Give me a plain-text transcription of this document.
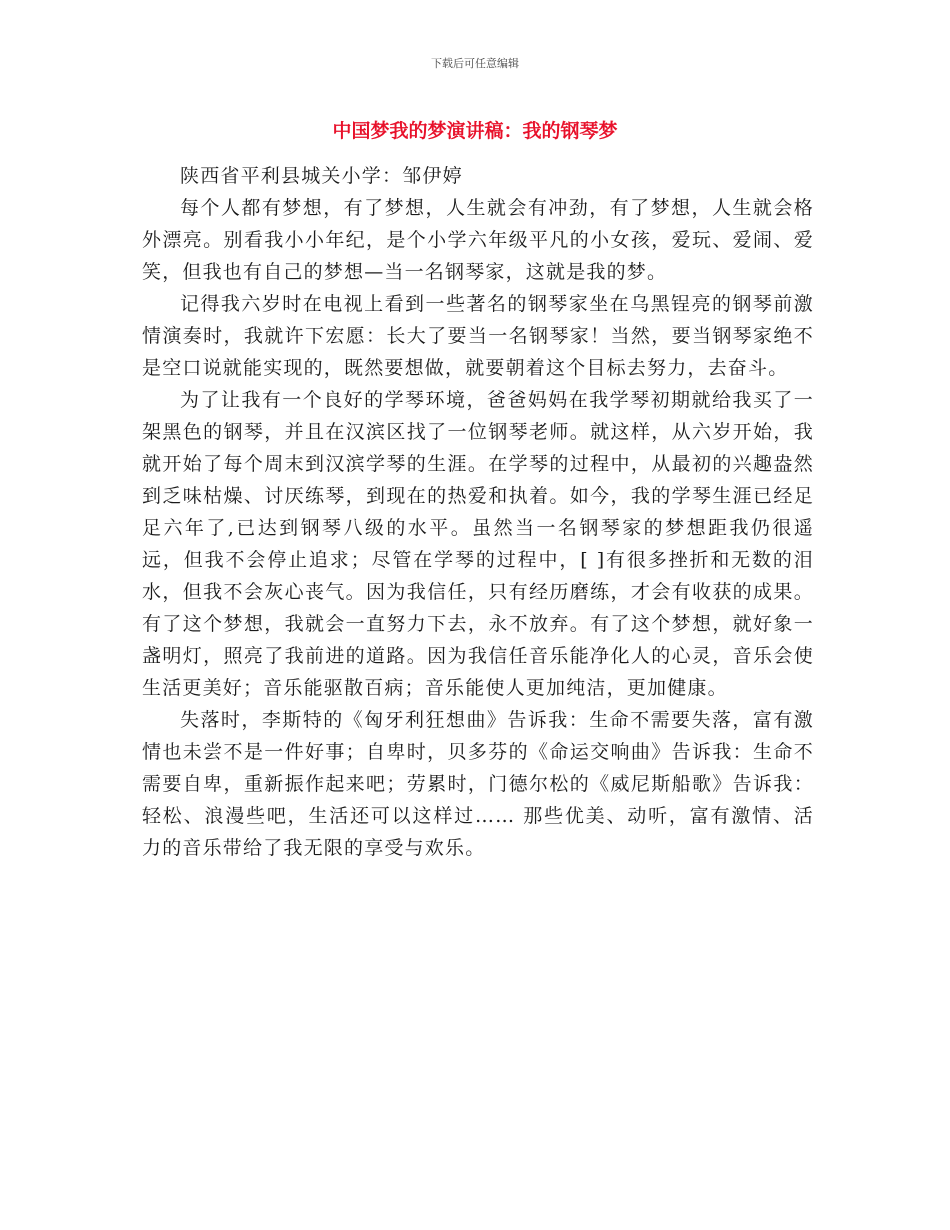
下载后可任意编辑
中国梦我的梦演讲稿：我的钢琴梦

陕西省平利县城关小学：邹伊婷

每个人都有梦想，有了梦想，人生就会有冲劲，有了梦想，人生就会格外漂亮。别看我小小年纪，是个小学六年级平凡的小女孩，爱玩、爱闹、爱笑，但我也有自己的梦想—当一名钢琴家，这就是我的梦。

记得我六岁时在电视上看到一些著名的钢琴家坐在乌黑锃亮的钢琴前激情演奏时，我就许下宏愿：长大了要当一名钢琴家！当然，要当钢琴家绝不是空口说就能实现的，既然要想做，就要朝着这个目标去努力，去奋斗。

为了让我有一个良好的学琴环境，爸爸妈妈在我学琴初期就给我买了一架黑色的钢琴，并且在汉滨区找了一位钢琴老师。就这样，从六岁开始，我就开始了每个周末到汉滨学琴的生涯。在学琴的过程中，从最初的兴趣盎然到乏味枯燥、讨厌练琴，到现在的热爱和执着。如今，我的学琴生涯已经足足六年了,已达到钢琴八级的水平。虽然当一名钢琴家的梦想距我仍很遥远，但我不会停止追求；尽管在学琴的过程中，[ ]有很多挫折和无数的泪水，但我不会灰心丧气。因为我信任，只有经历磨练，才会有收获的成果。有了这个梦想，我就会一直努力下去，永不放弃。有了这个梦想，就好象一盏明灯，照亮了我前进的道路。因为我信任音乐能净化人的心灵，音乐会使生活更美好；音乐能驱散百病；音乐能使人更加纯洁，更加健康。

失落时，李斯特的《匈牙利狂想曲》告诉我：生命不需要失落，富有激情也未尝不是一件好事；自卑时，贝多芬的《命运交响曲》告诉我：生命不需要自卑，重新振作起来吧；劳累时，门德尔松的《威尼斯船歌》告诉我：轻松、浪漫些吧，生活还可以这样过…… 那些优美、动听，富有激情、活力的音乐带给了我无限的享受与欢乐。
